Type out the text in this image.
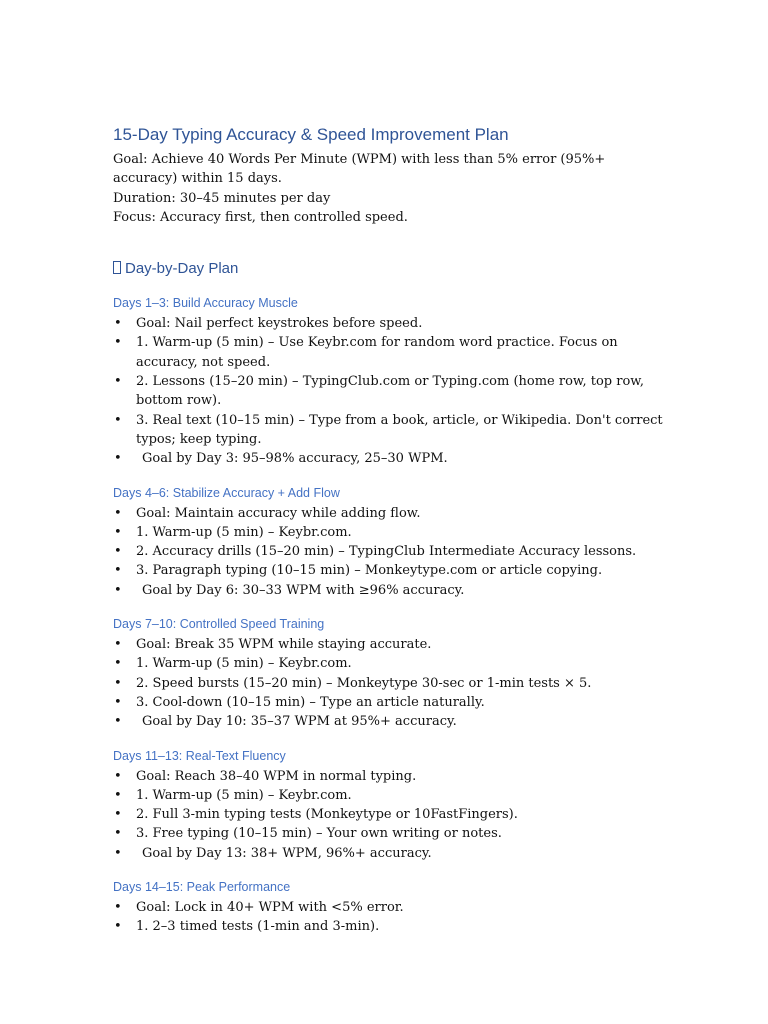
15-Day Typing Accuracy & Speed Improvement Plan

Goal: Achieve 40 Words Per Minute (WPM) with less than 5% error (95%+ accuracy) within 15 days.

Duration: 30–45 minutes per day

Focus: Accuracy first, then controlled speed.

Day-by-Day Plan
Days 1–3: Build Accuracy Muscle
• Goal: Nail perfect keystrokes before speed.
• 1. Warm-up (5 min) – Use Keybr.com for random word practice. Focus on accuracy, not speed.
• 2. Lessons (15–20 min) – TypingClub.com or Typing.com (home row, top row, bottom row).
• 3. Real text (10–15 min) – Type from a book, article, or Wikipedia. Don't correct typos; keep typing.
• Goal by Day 3: 95–98% accuracy, 25–30 WPM.
Days 4–6: Stabilize Accuracy + Add Flow
• Goal: Maintain accuracy while adding flow.
• 1. Warm-up (5 min) – Keybr.com.
• 2. Accuracy drills (15–20 min) – TypingClub Intermediate Accuracy lessons.
• 3. Paragraph typing (10–15 min) – Monkeytype.com or article copying.
• Goal by Day 6: 30–33 WPM with ≥96% accuracy.
Days 7–10: Controlled Speed Training
• Goal: Break 35 WPM while staying accurate.
• 1. Warm-up (5 min) – Keybr.com.
• 2. Speed bursts (15–20 min) – Monkeytype 30-sec or 1-min tests × 5.
• 3. Cool-down (10–15 min) – Type an article naturally.
• Goal by Day 10: 35–37 WPM at 95%+ accuracy.
Days 11–13: Real-Text Fluency
• Goal: Reach 38–40 WPM in normal typing.
• 1. Warm-up (5 min) – Keybr.com.
• 2. Full 3-min typing tests (Monkeytype or 10FastFingers).
• 3. Free typing (10–15 min) – Your own writing or notes.
• Goal by Day 13: 38+ WPM, 96%+ accuracy.
Days 14–15: Peak Performance
• Goal: Lock in 40+ WPM with <5% error.
• 1. 2–3 timed tests (1-min and 3-min).
